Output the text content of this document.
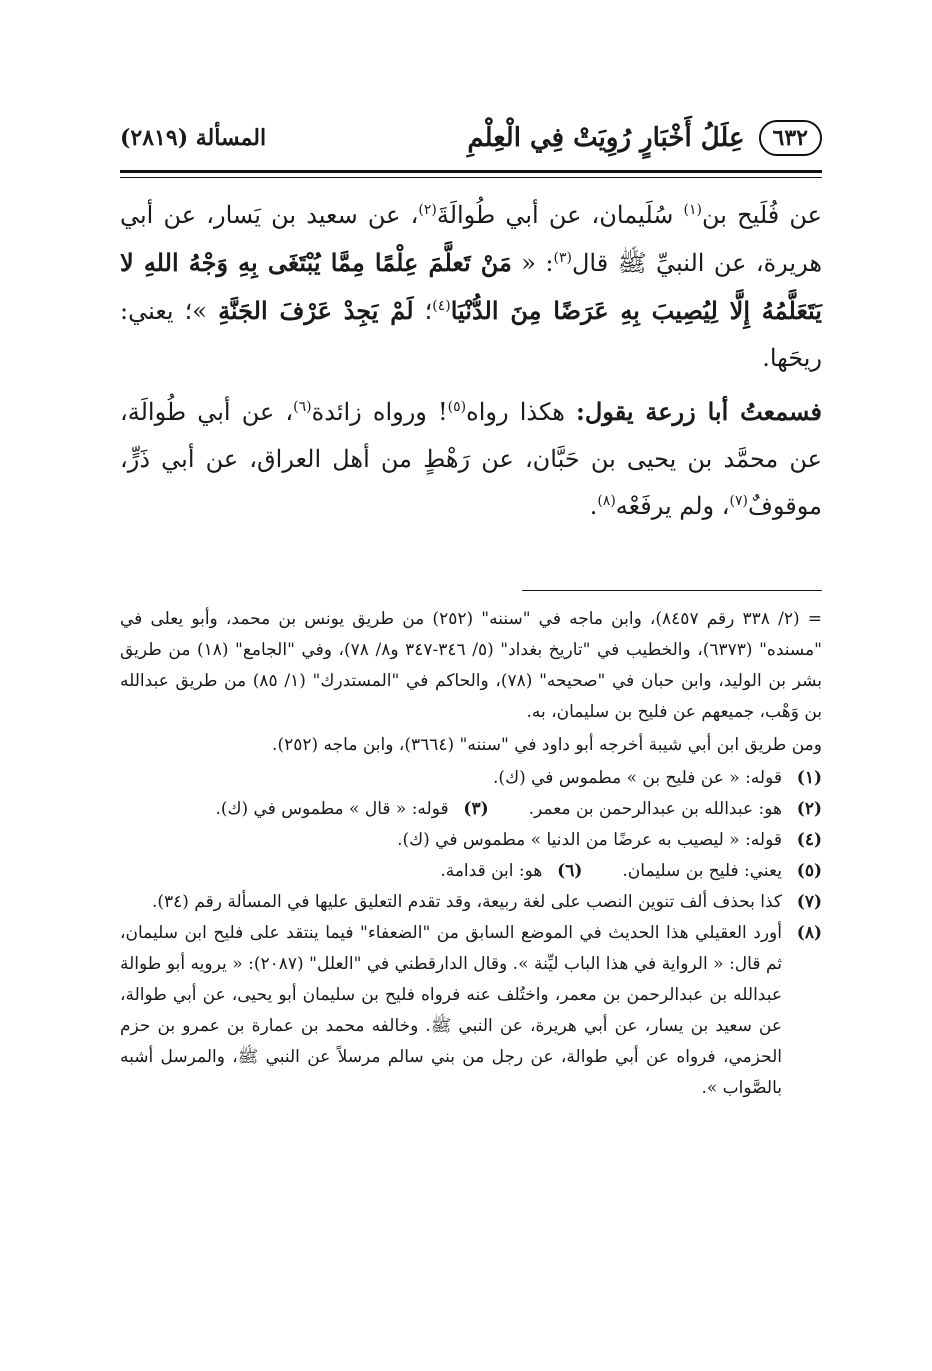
٦٣٢
عِلَلُ أَخْبَارٍ رُوِيَتْ فِي الْعِلْمِ
المسألة (٢٨١٩)

عن فُلَيح بن$^{(١)}$ سُلَيمان، عن أبي طُوالَةَ$^{(٢)}$، عن سعيد بن يَسار، عن أبي هريرة، عن النبيِّ ﷺ قال$^{(٣)}$: « مَنْ تَعلَّمَ عِلْمًا مِمَّا يُبْتَغَى بِهِ وَجْهُ اللهِ لا يَتَعَلَّمُهُ إِلَّا لِيُصِيبَ بِهِ عَرَضًا مِنَ الدُّنْيَا$^{(٤)}$؛ لَمْ يَجِدْ عَرْفَ الجَنَّةِ »؛ يعني: ريحَها.

فسمعتُ أبا زرعة يقول: هكذا رواه$^{(٥)}$! ورواه زائدة$^{(٦)}$، عن أبي طُوالَة، عن محمَّد بن يحيى بن حَبَّان، عن رَهْطٍ من أهل العراق، عن أبي ذَرٍّ، موقوفٌ$^{(٧)}$، ولم يرفَعْه$^{(٨)}$.

= (٢/ ٣٣٨ رقم ٨٤٥٧)، وابن ماجه في "سننه" (٢٥٢) من طريق يونس بن محمد، وأبو يعلى في "مسنده" (٦٣٧٣)، والخطيب في "تاريخ بغداد" (٥/ ٣٤٦-٣٤٧ و٨/ ٧٨)، وفي "الجامع" (١٨) من طريق بشر بن الوليد، وابن حبان في "صحيحه" (٧٨)، والحاكم في "المستدرك" (١/ ٨٥) من طريق عبدالله بن وَهْب، جميعهم عن فليح بن سليمان، به.

ومن طريق ابن أبي شيبة أخرجه أبو داود في "سننه" (٣٦٦٤)، وابن ماجه (٢٥٢).

(١)
قوله: « عن فليح بن » مطموس في (ك).
(٢)
هو: عبدالله بن عبدالرحمن بن معمر.
(٣)
قوله: « قال » مطموس في (ك).
(٤)
قوله: « ليصيب به عرضًا من الدنيا » مطموس في (ك).
(٥)
يعني: فليح بن سليمان.
(٦)
هو: ابن قدامة.
(٧)
كذا بحذف ألف تنوين النصب على لغة ربيعة، وقد تقدم التعليق عليها في المسألة رقم (٣٤).
(٨)
أورد العقيلي هذا الحديث في الموضع السابق من "الضعفاء" فيما ينتقد على فليح ابن سليمان، ثم قال: « الرواية في هذا الباب ليِّنة ». وقال الدارقطني في "العلل" (٢٠٨٧): « يرويه أبو طوالة عبدالله بن عبدالرحمن بن معمر، واختُلف عنه فرواه فليح بن سليمان أبو يحيى، عن أبي طوالة، عن سعيد بن يسار، عن أبي هريرة، عن النبي ﷺ. وخالفه محمد بن عمارة بن عمرو بن حزم الحزمي، فرواه عن أبي طوالة، عن رجل من بني سالم مرسلاً عن النبي ﷺ، والمرسل أشبه بالصَّواب ».
